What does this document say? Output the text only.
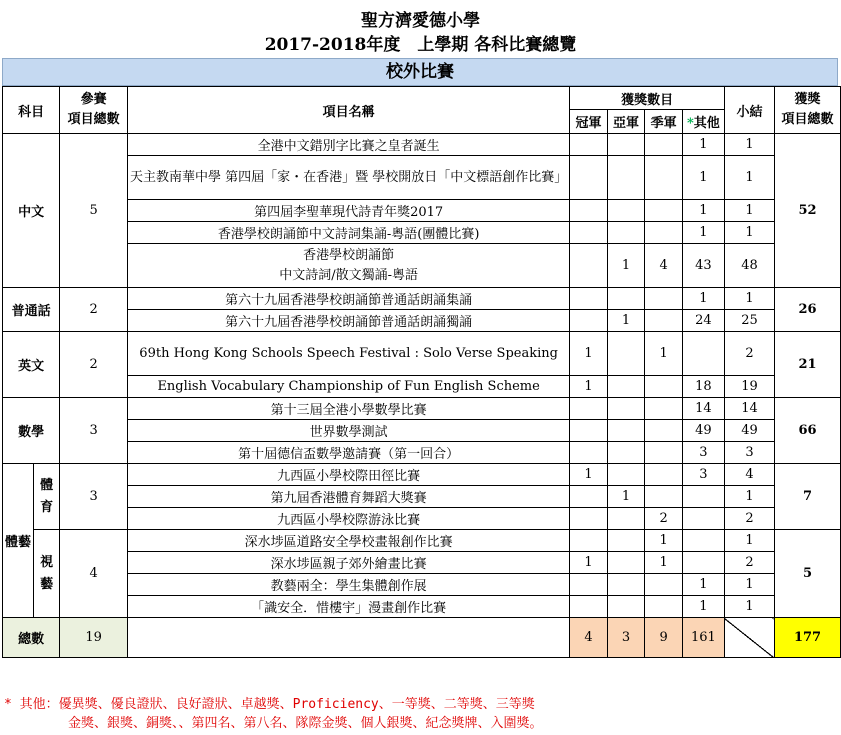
聖方濟愛德小學
2017-2018年度　上學期 各科比賽總覽
校外比賽
科目		參賽
項目總數	項目名稱	獲獎數目				小結	獲獎
項目總數
				冠軍	亞軍	季軍	*其他		
中文		5	全港中文錯別字比賽之皇者誕生				1	1	52
			天主教南華中學 第四屆「家・在香港」暨 學校開放日「中文標語創作比賽」				1	1	
			第四屆李聖華現代詩青年獎2017				1	1	
			香港學校朗誦節中文詩詞集誦-粵語(團體比賽)				1	1	
			香港學校朗誦節
中文詩詞/散文獨誦-粵語		1	4	43	48	
普通話		2	第六十九屆香港學校朗誦節普通話朗誦集誦				1	1	26
			第六十九屆香港學校朗誦節普通話朗誦獨誦		1		24	25	
英文		2	69th Hong Kong Schools Speech Festival : Solo Verse Speaking	1		1		2	21
			English Vocabulary Championship of Fun English Scheme	1			18	19	
數學		3	第十三屆全港小學數學比賽				14	14	66
			世界數學測試				49	49	
			第十屆德信盃數學邀請賽（第一回合）				3	3	
體藝	體育	3	九西區小學校際田徑比賽	1			3	4	7
			第九屆香港體育舞蹈大獎賽		1			1	
			九西區小學校際游泳比賽			2		2	
	視藝	4	深水埗區道路安全學校畫報創作比賽			1		1	5
			深水埗區親子郊外繪畫比賽	1		1		2	
			教藝兩全：學生集體創作展				1	1	
			「識安全．惜樓宇」漫畫創作比賽				1	1	
總數		19		4	3	9	161		177
* 其他：優異獎、優良證狀、良好證狀、卓越獎、Proficiency、一等獎、二等獎、三等獎
金獎、銀獎、銅獎、、第四名、第八名、隊際金獎、個人銀獎、紀念獎牌、入圍獎。
